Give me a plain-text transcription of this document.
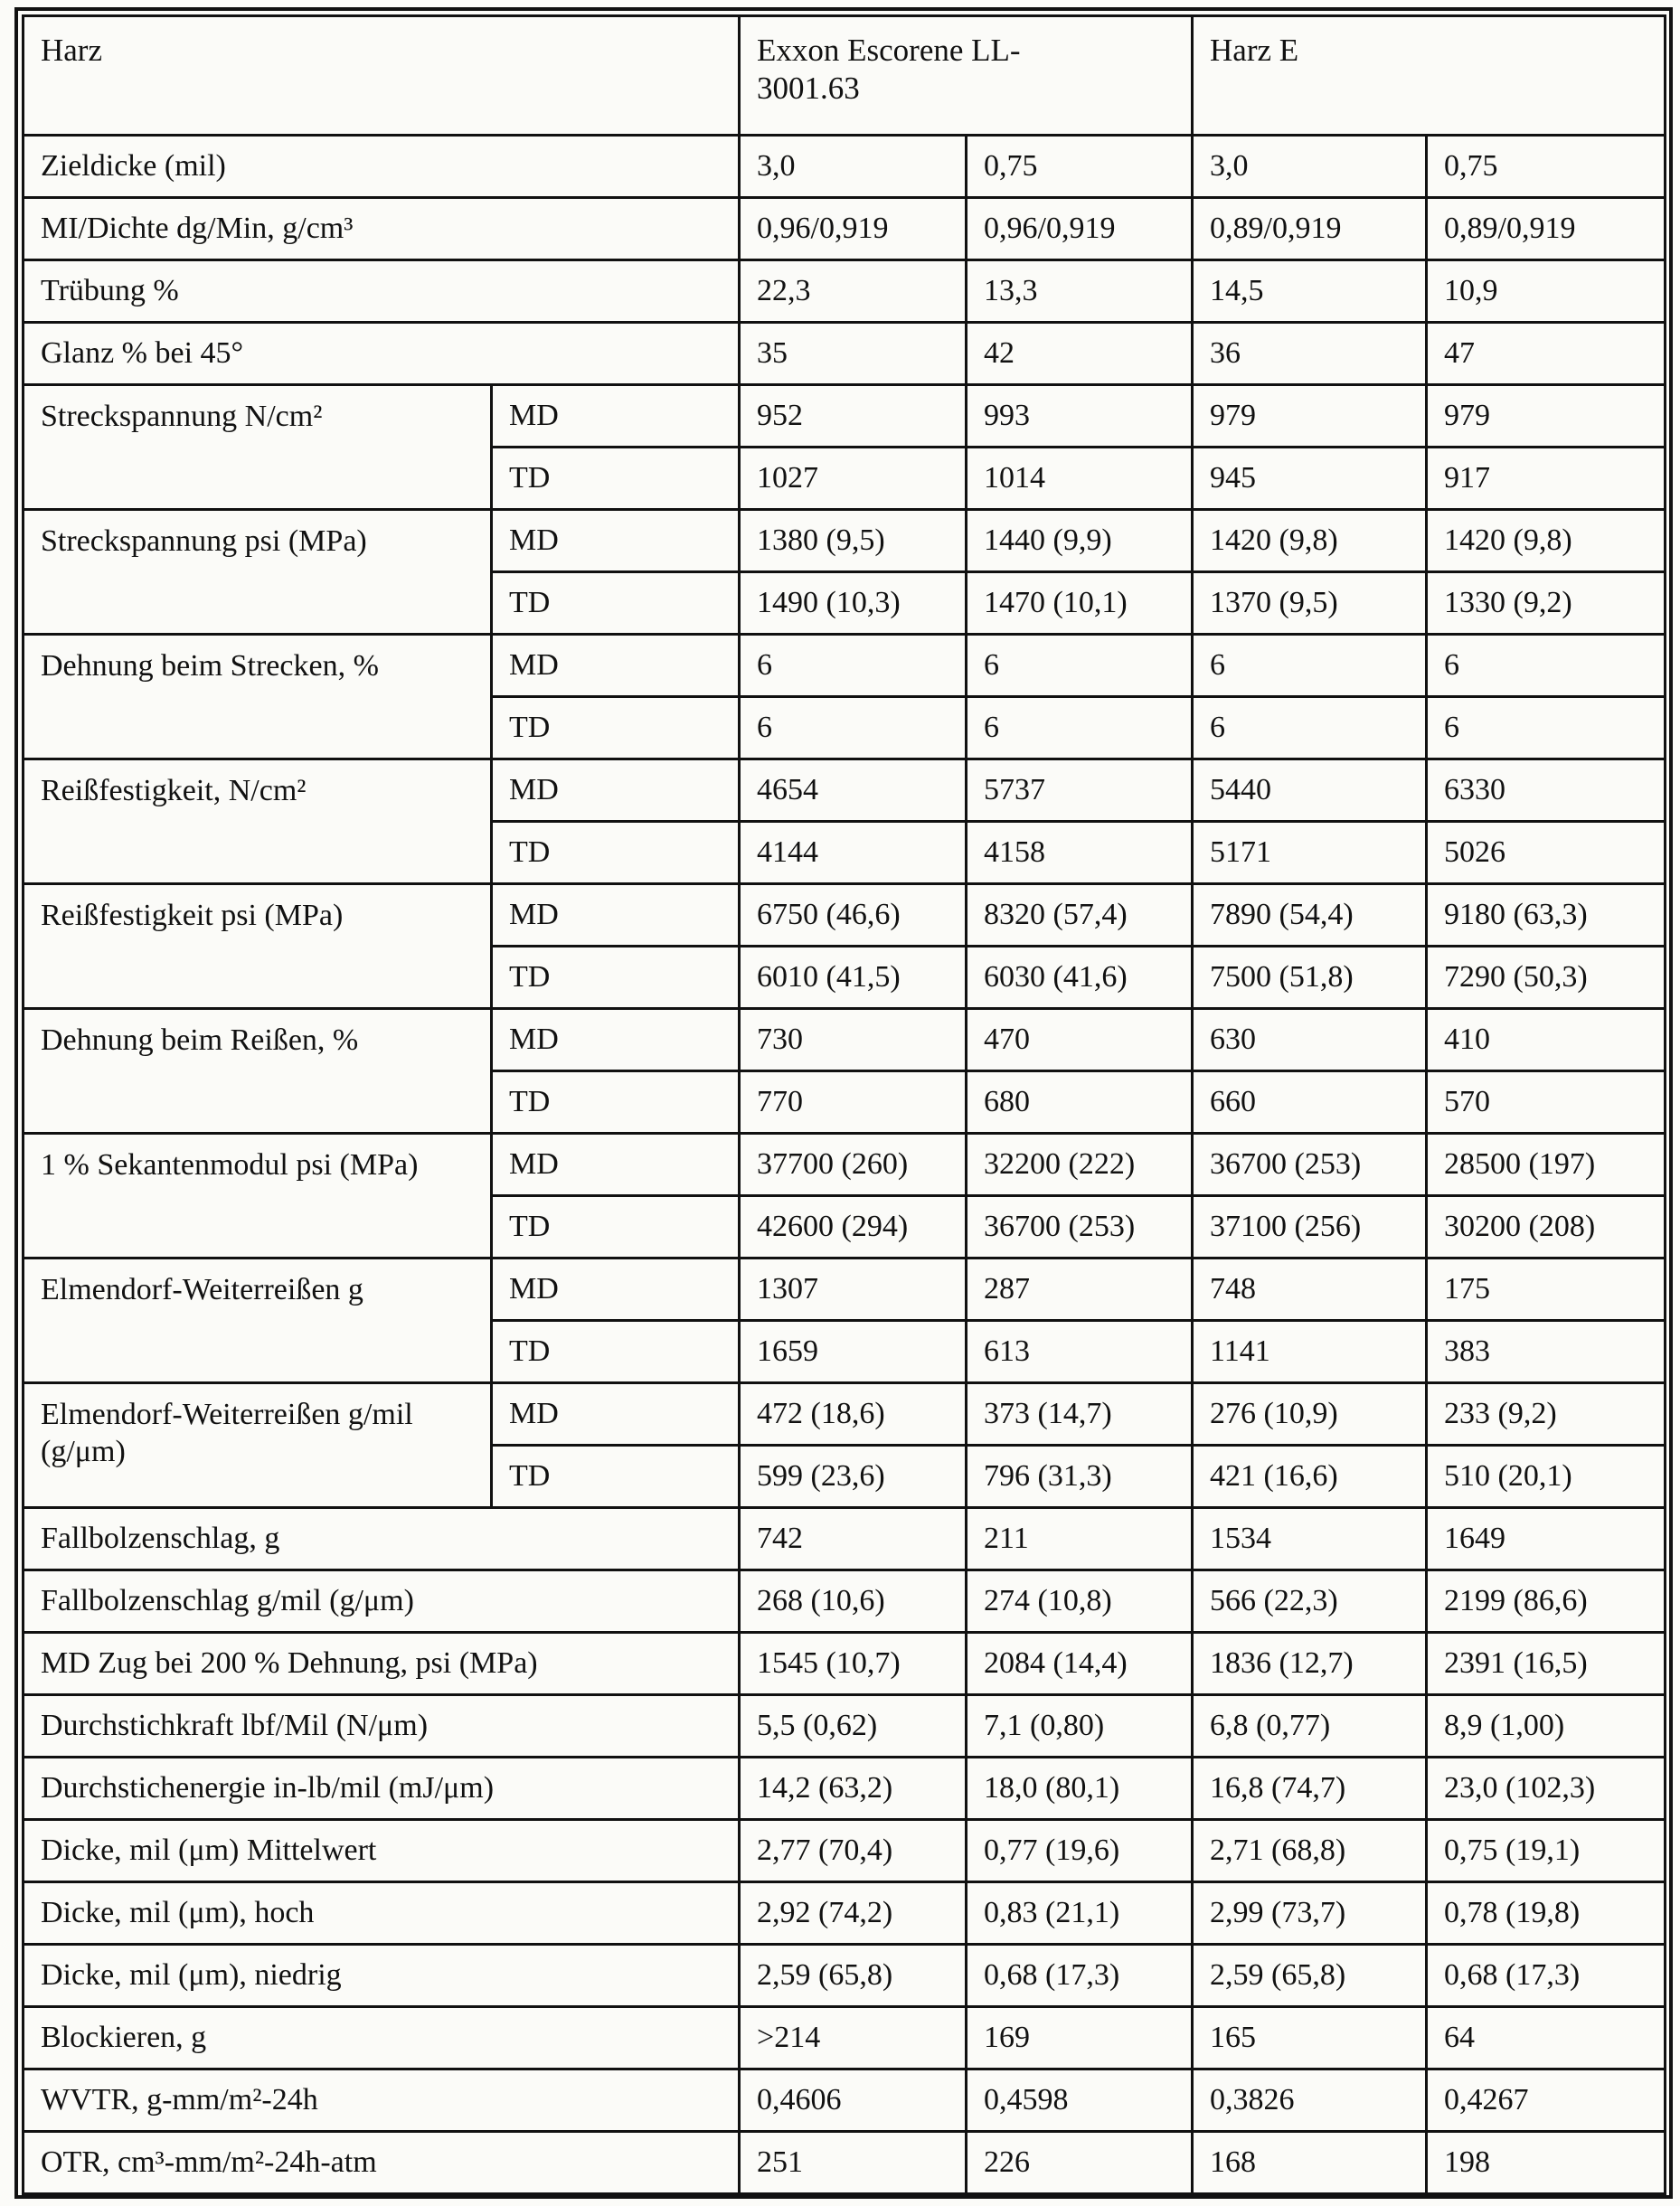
Harz		Exxon Escorene LL-3001.63		Harz E	
Zieldicke (mil)		3,0	0,75	3,0	0,75
MI/Dichte dg/Min, g/cm³		0,96/0,919	0,96/0,919	0,89/0,919	0,89/0,919
Trübung %		22,3	13,3	14,5	10,9
Glanz % bei 45°		35	42	36	47
Streckspannung N/cm²	MD	952	993	979	979
	TD	1027	1014	945	917
Streckspannung psi (MPa)	MD	1380 (9,5)	1440 (9,9)	1420 (9,8)	1420 (9,8)
	TD	1490 (10,3)	1470 (10,1)	1370 (9,5)	1330 (9,2)
Dehnung beim Strecken, %	MD	6	6	6	6
	TD	6	6	6	6
Reißfestigkeit, N/cm²	MD	4654	5737	5440	6330
	TD	4144	4158	5171	5026
Reißfestigkeit psi (MPa)	MD	6750 (46,6)	8320 (57,4)	7890 (54,4)	9180 (63,3)
	TD	6010 (41,5)	6030 (41,6)	7500 (51,8)	7290 (50,3)
Dehnung beim Reißen, %	MD	730	470	630	410
	TD	770	680	660	570
1 % Sekantenmodul psi (MPa)	MD	37700 (260)	32200 (222)	36700 (253)	28500 (197)
	TD	42600 (294)	36700 (253)	37100 (256)	30200 (208)
Elmendorf-Weiterreißen g	MD	1307	287	748	175
	TD	1659	613	1141	383
Elmendorf-Weiterreißen g/mil (g/μm)	MD	472 (18,6)	373 (14,7)	276 (10,9)	233 (9,2)
	TD	599 (23,6)	796 (31,3)	421 (16,6)	510 (20,1)
Fallbolzenschlag, g		742	211	1534	1649
Fallbolzenschlag g/mil (g/μm)		268 (10,6)	274 (10,8)	566 (22,3)	2199 (86,6)
MD Zug bei 200 % Dehnung, psi (MPa)		1545 (10,7)	2084 (14,4)	1836 (12,7)	2391 (16,5)
Durchstichkraft lbf/Mil (N/μm)		5,5 (0,62)	7,1 (0,80)	6,8 (0,77)	8,9 (1,00)
Durchstichenergie in-lb/mil (mJ/μm)		14,2 (63,2)	18,0 (80,1)	16,8 (74,7)	23,0 (102,3)
Dicke, mil (μm) Mittelwert		2,77 (70,4)	0,77 (19,6)	2,71 (68,8)	0,75 (19,1)
Dicke, mil (μm), hoch		2,92 (74,2)	0,83 (21,1)	2,99 (73,7)	0,78 (19,8)
Dicke, mil (μm), niedrig		2,59 (65,8)	0,68 (17,3)	2,59 (65,8)	0,68 (17,3)
Blockieren, g		>214	169	165	64
WVTR, g-mm/m²-24h		0,4606	0,4598	0,3826	0,4267
OTR, cm³-mm/m²-24h-atm		251	226	168	198
